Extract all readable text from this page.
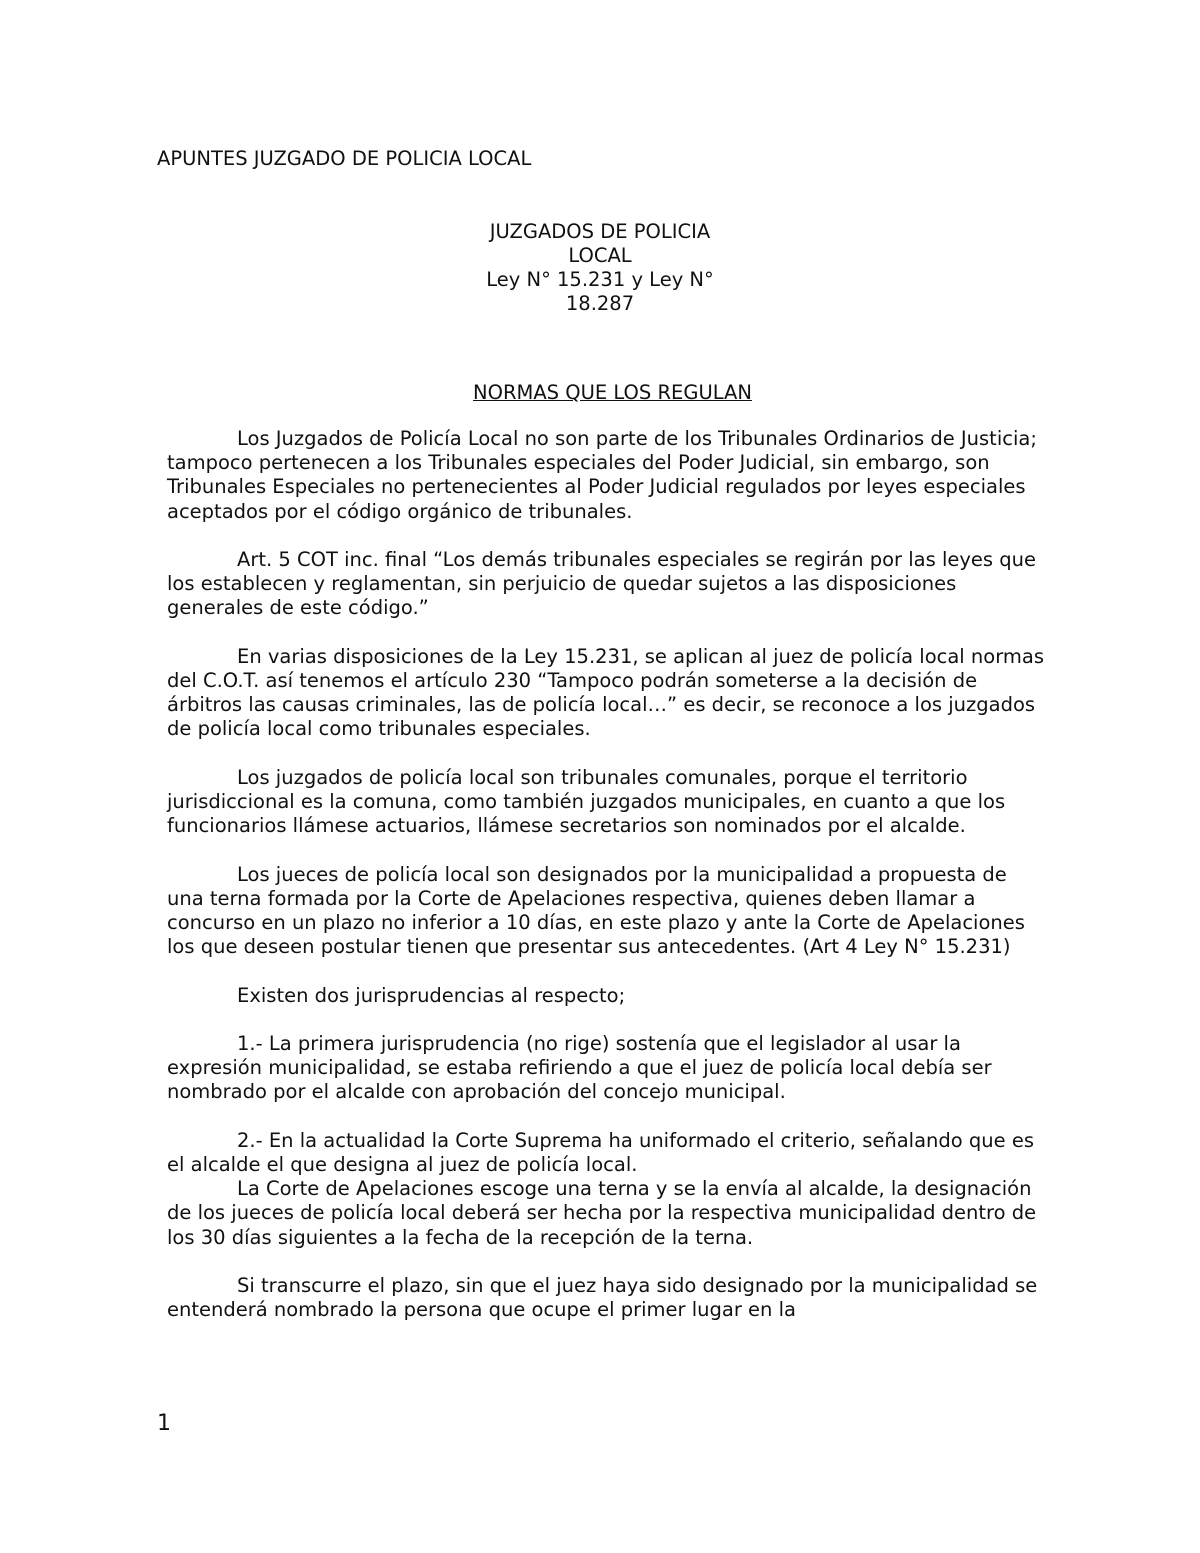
APUNTES JUZGADO DE POLICIA LOCAL
JUZGADOS DE POLICIA
LOCAL
Ley N° 15.231 y Ley N°
18.287
NORMAS QUE LOS REGULAN

Los Juzgados de Policía Local no son parte de los Tribunales Ordinarios de Justicia; tampoco pertenecen a los Tribunales especiales del Poder Judicial, sin embargo, son Tribunales Especiales no pertenecientes al Poder Judicial regulados por leyes especiales aceptados por el código orgánico de tribunales.

Art. 5 COT inc. final “Los demás tribunales especiales se regirán por las leyes que los establecen y reglamentan, sin perjuicio de quedar sujetos a las disposiciones generales de este código.”

En varias disposiciones de la Ley 15.231, se aplican al juez de policía local normas del C.O.T. así tenemos el artículo 230 “Tampoco podrán someterse a la decisión de árbitros las causas criminales, las de policía local…” es decir, se reconoce a los juzgados de policía local como tribunales especiales.

Los juzgados de policía local son tribunales comunales, porque el territorio jurisdiccional es la comuna, como también juzgados municipales, en cuanto a que los funcionarios llámese actuarios, llámese secretarios son nominados por el alcalde.

Los jueces de policía local son designados por la municipalidad a propuesta de una terna formada por la Corte de Apelaciones respectiva, quienes deben llamar a concurso en un plazo no inferior a 10 días, en este plazo y ante la Corte de Apelaciones los que deseen postular tienen que presentar sus antecedentes. (Art 4 Ley N° 15.231)

Existen dos jurisprudencias al respecto;

1.- La primera jurisprudencia (no rige) sostenía que el legislador al usar la expresión municipalidad, se estaba refiriendo a que el juez de policía local debía ser nombrado por el alcalde con aprobación del concejo municipal.

2.- En la actualidad la Corte Suprema ha uniformado el criterio, señalando que es el alcalde el que designa al juez de policía local.

La Corte de Apelaciones escoge una terna y se la envía al alcalde, la designación de los jueces de policía local deberá ser hecha por la respectiva municipalidad dentro de los 30 días siguientes a la fecha de la recepción de la terna.

Si transcurre el plazo, sin que el juez haya sido designado por la municipalidad se entenderá nombrado la persona que ocupe el primer lugar en la

1
